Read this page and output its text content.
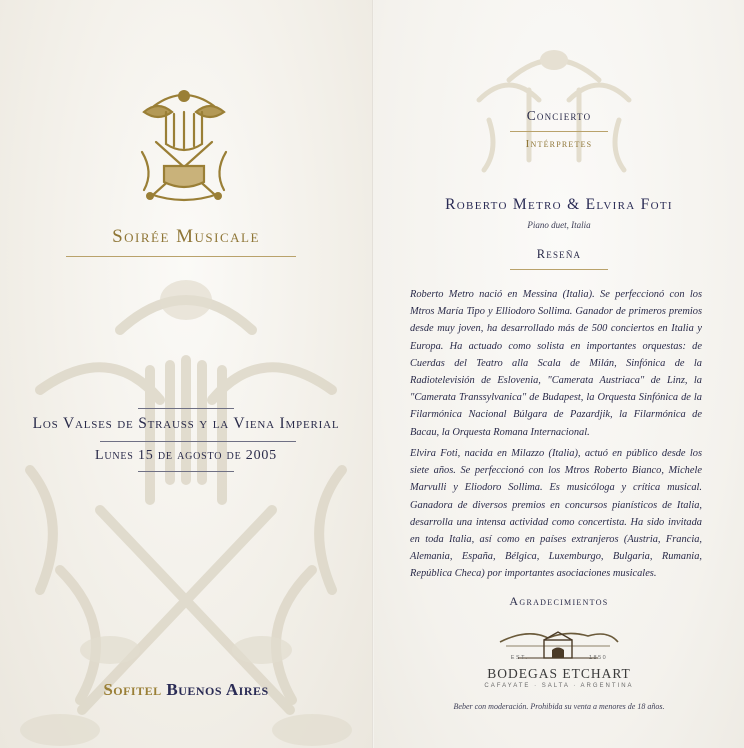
Soirée Musicale
Los Valses de Strauss y la Viena Imperial
Lunes 15 de agosto de 2005
Sofitel Buenos Aires
Concierto
Intérpretes
Roberto Metro & Elvira Foti
Piano duet, Italia
Reseña

Roberto Metro nació en Messina (Italia). Se perfeccionó con los Mtros María Tipo y Elliodoro Sollima. Ganador de primeros premios desde muy joven, ha desarrollado más de 500 conciertos en Italia y Europa. Ha actuado como solista en importantes orquestas: de Cuerdas del Teatro alla Scala de Milán, Sinfónica de la Radiotelevisión de Eslovenia, "Camerata Austriaca" de Linz, la "Camerata Transsylvanica" de Budapest, la Orquesta Sinfónica de la Filarmónica Nacional Búlgara de Pazardjik, la Filarmónica de Bacau, la Orquesta Romana Internacional.

Elvira Foti, nacida en Milazzo (Italia), actuó en público desde los siete años. Se perfeccionó con los Mtros Roberto Bianco, Michele Marvulli y Eliodoro Sollima. Es musicóloga y crítica musical. Ganadora de diversos premios en concursos pianísticos de Italia, desarrolla una intensa actividad como concertista. Ha sido invitada en toda Italia, así como en países extranjeros (Austria, Francia, Alemania, España, Bélgica, Luxemburgo, Bulgaria, Rumania, República Checa) por importantes asociaciones musicales.

Agradecimientos
EST.	1850
BODEGAS ETCHART
CAFAYATE · SALTA · ARGENTINA
Beber con moderación. Prohibida su venta a menores de 18 años.
